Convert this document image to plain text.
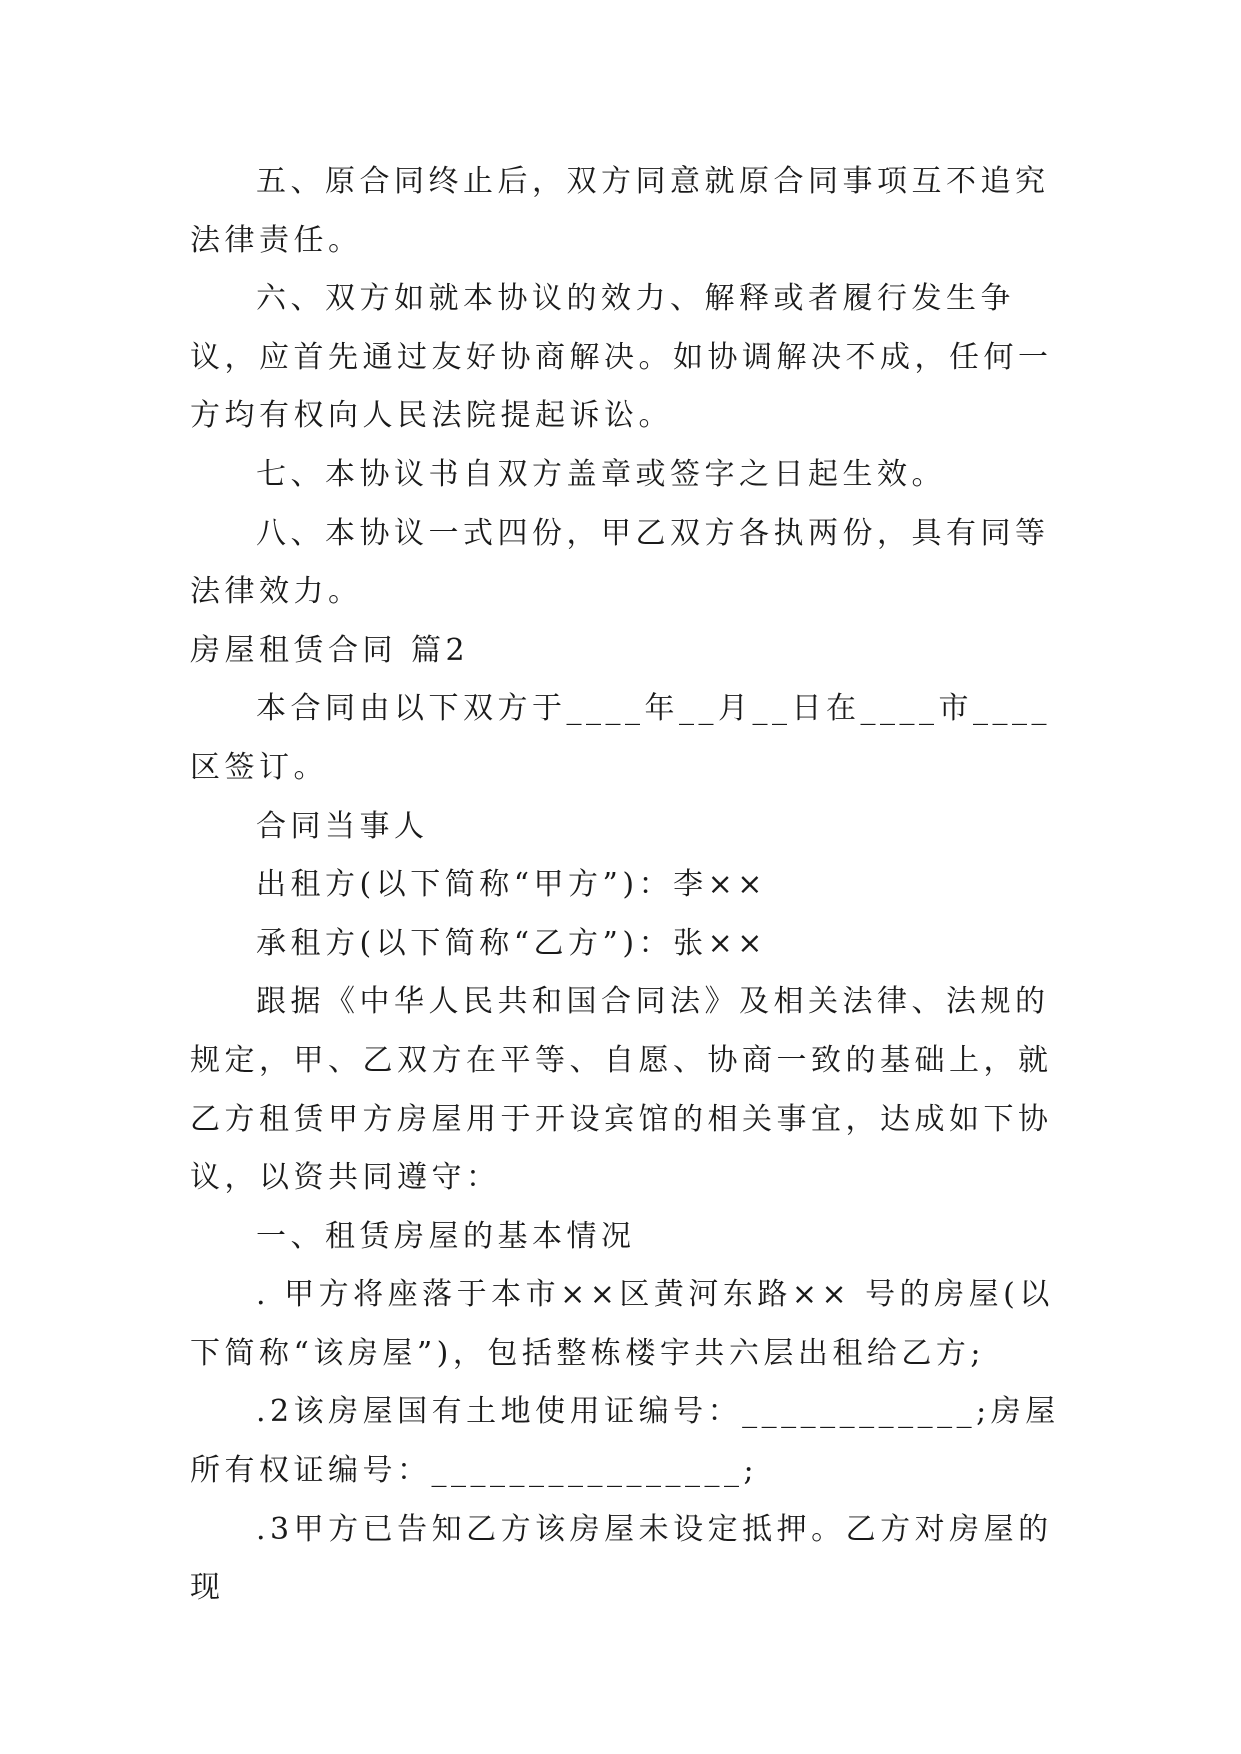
五、原合同终止后，双方同意就原合同事项互不追究法律责任。

六、双方如就本协议的效力、解释或者履行发生争议，应首先通过友好协商解决。如协调解决不成，任何一方均有权向人民法院提起诉讼。

七、本协议书自双方盖章或签字之日起生效。

八、本协议一式四份，甲乙双方各执两份，具有同等法律效力。

房屋租赁合同 篇2

本合同由以下双方于____年__月__日在____市____区签订。

合同当事人

出租方(以下简称“甲方”)：李××

承租方(以下简称“乙方”)：张××

跟据《中华人民共和国合同法》及相关法律、法规的规定，甲、乙双方在平等、自愿、协商一致的基础上，就乙方租赁甲方房屋用于开设宾馆的相关事宜，达成如下协议，以资共同遵守：

一、租赁房屋的基本情况

. 甲方将座落于本市××区黄河东路×× 号的房屋(以下简称“该房屋”)，包括整栋楼宇共六层出租给乙方;

.2该房屋国有土地使用证编号：____________;房屋所有权证编号：________________;

.3甲方已告知乙方该房屋未设定抵押。乙方对房屋的现
